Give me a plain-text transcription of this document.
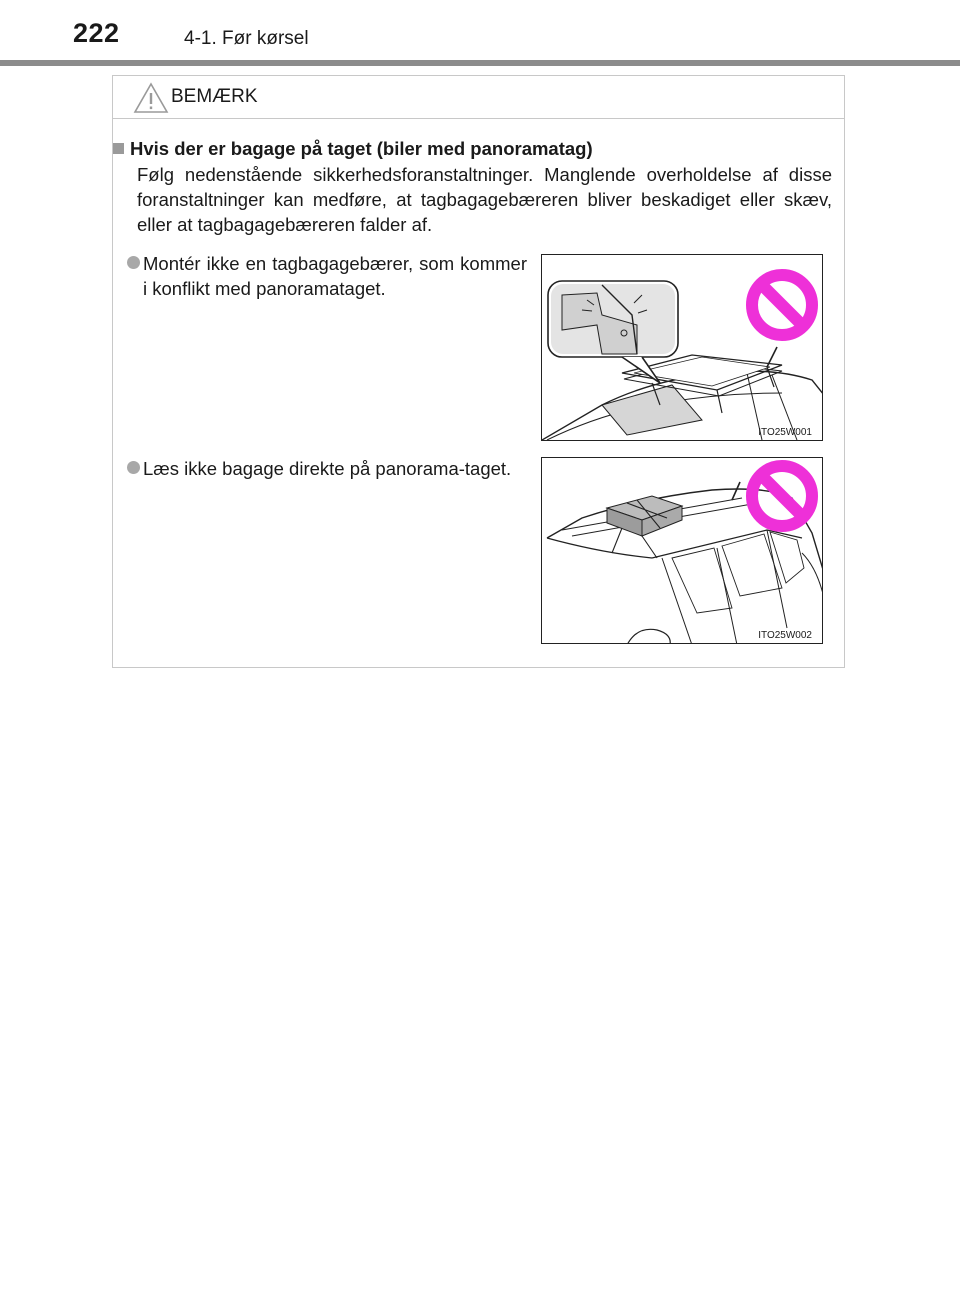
222	4-1. Før kørsel
BEMÆRK
Hvis der er bagage på taget (biler med panoramatag)
Følg nedenstående sikkerhedsforanstaltninger. Manglende overholdelse af disse foranstaltninger kan medføre, at tagbagagebæreren bliver beskadiget eller skæv, eller at tagbagagebæreren falder af.
Montér ikke en tagbagagebærer, som kommer i konflikt med panoramataget.
Læs ikke bagage direkte på panorama-taget.
ITO25W001
ITO25W002
